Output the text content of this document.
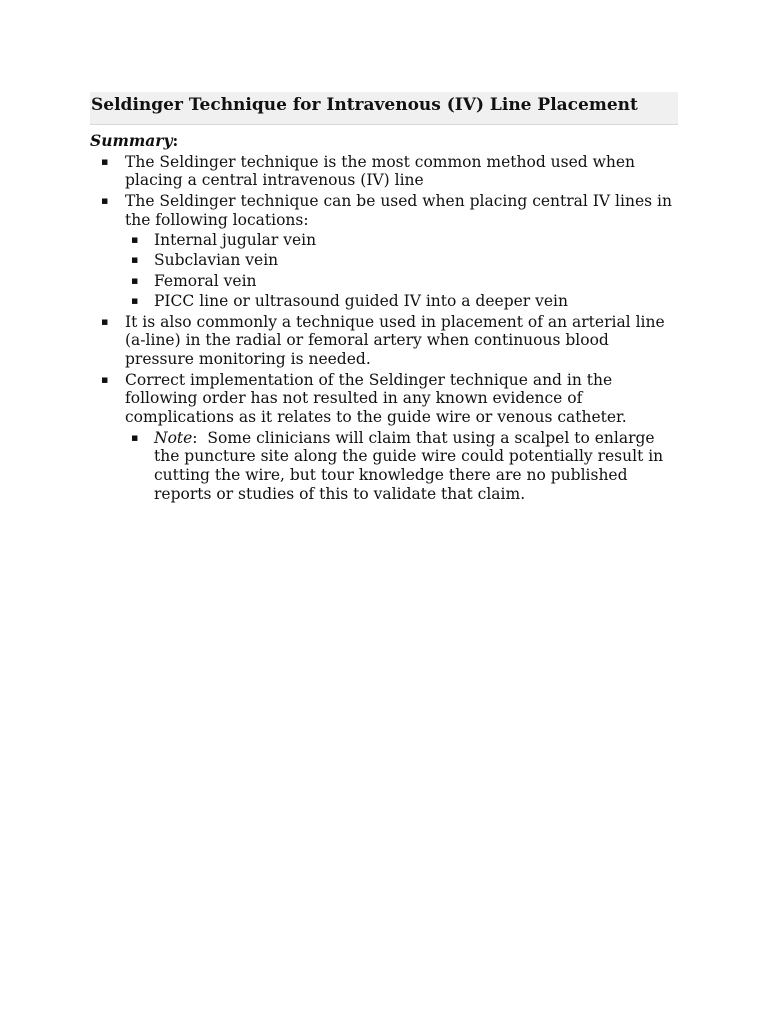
Seldinger Technique for Intravenous (IV) Line Placement
Summary:
▪ The Seldinger technique is the most common method used when placing a central intravenous (IV) line
▪ The Seldinger technique can be used when placing central IV lines in the following locations:
▪ Internal jugular vein
▪ Subclavian vein
▪ Femoral vein
▪ PICC line or ultrasound guided IV into a deeper vein
▪ It is also commonly a technique used in placement of an arterial line (a-line) in the radial or femoral artery when continuous blood pressure monitoring is needed.
▪ Correct implementation of the Seldinger technique and in the following order has not resulted in any known evidence of complications as it relates to the guide wire or venous catheter.
▪ Note:  Some clinicians will claim that using a scalpel to enlarge the puncture site along the guide wire could potentially result in cutting the wire, but tour knowledge there are no published reports or studies of this to validate that claim.
